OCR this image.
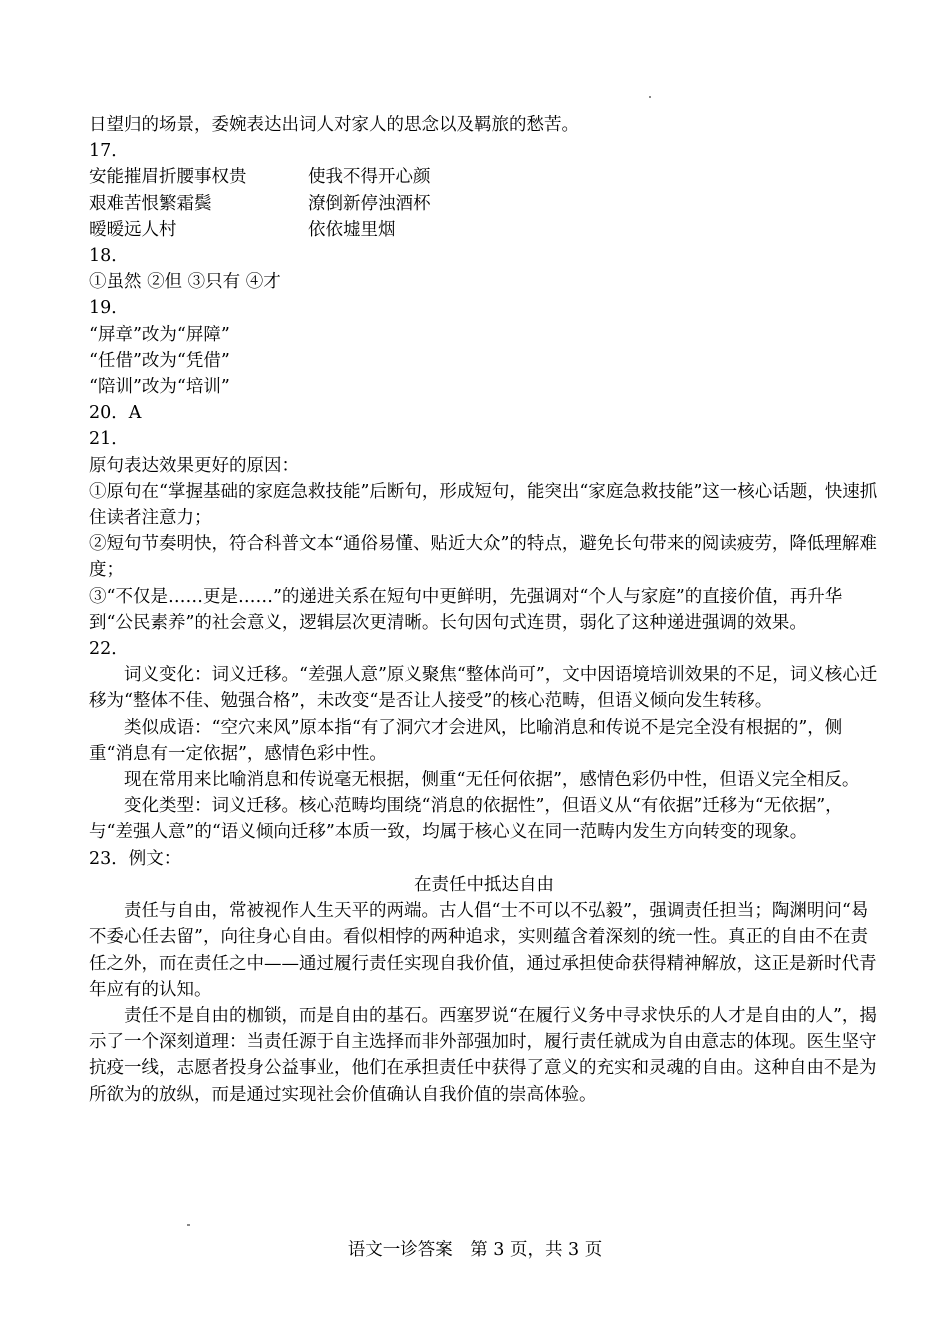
日望归的场景，委婉表达出词人对家人的思念以及羁旅的愁苦。
17．
安能摧眉折腰事权贵	使我不得开心颜
艰难苦恨繁霜鬓	潦倒新停浊酒杯
暧暧远人村	依依墟里烟
18．
①虽然 ②但 ③只有 ④才
19．
“屏章”改为“屏障”
“任借”改为“凭借”
“陪训”改为“培训”
20．A
21．
原句表达效果更好的原因：
①原句在“掌握基础的家庭急救技能”后断句，形成短句，能突出“家庭急救技能”这一核心话题，快速抓住读者注意力；
②短句节奏明快，符合科普文本“通俗易懂、贴近大众”的特点，避免长句带来的阅读疲劳，降低理解难度；
③“不仅是……更是……”的递进关系在短句中更鲜明，先强调对“个人与家庭”的直接价值，再升华到“公民素养”的社会意义，逻辑层次更清晰。长句因句式连贯，弱化了这种递进强调的效果。
22．
词义变化：词义迁移。“差强人意”原义聚焦“整体尚可”，文中因语境培训效果的不足，词义核心迁移为“整体不佳、勉强合格”，未改变“是否让人接受”的核心范畴，但语义倾向发生转移。
类似成语：“空穴来风”原本指“有了洞穴才会进风，比喻消息和传说不是完全没有根据的”，侧重“消息有一定依据”，感情色彩中性。
现在常用来比喻消息和传说毫无根据，侧重“无任何依据”，感情色彩仍中性，但语义完全相反。
变化类型：词义迁移。核心范畴均围绕“消息的依据性”，但语义从“有依据”迁移为“无依据”，与“差强人意”的“语义倾向迁移”本质一致，均属于核心义在同一范畴内发生方向转变的现象。
23．例文：
在责任中抵达自由
责任与自由，常被视作人生天平的两端。古人倡“士不可以不弘毅”，强调责任担当；陶渊明问“曷不委心任去留”，向往身心自由。看似相悖的两种追求，实则蕴含着深刻的统一性。真正的自由不在责任之外，而在责任之中——通过履行责任实现自我价值，通过承担使命获得精神解放，这正是新时代青年应有的认知。
责任不是自由的枷锁，而是自由的基石。西塞罗说“在履行义务中寻求快乐的人才是自由的人”，揭示了一个深刻道理：当责任源于自主选择而非外部强加时，履行责任就成为自由意志的体现。医生坚守抗疫一线，志愿者投身公益事业，他们在承担责任中获得了意义的充实和灵魂的自由。这种自由不是为所欲为的放纵，而是通过实现社会价值确认自我价值的崇高体验。
语文一诊答案　第 3 页，共 3 页
